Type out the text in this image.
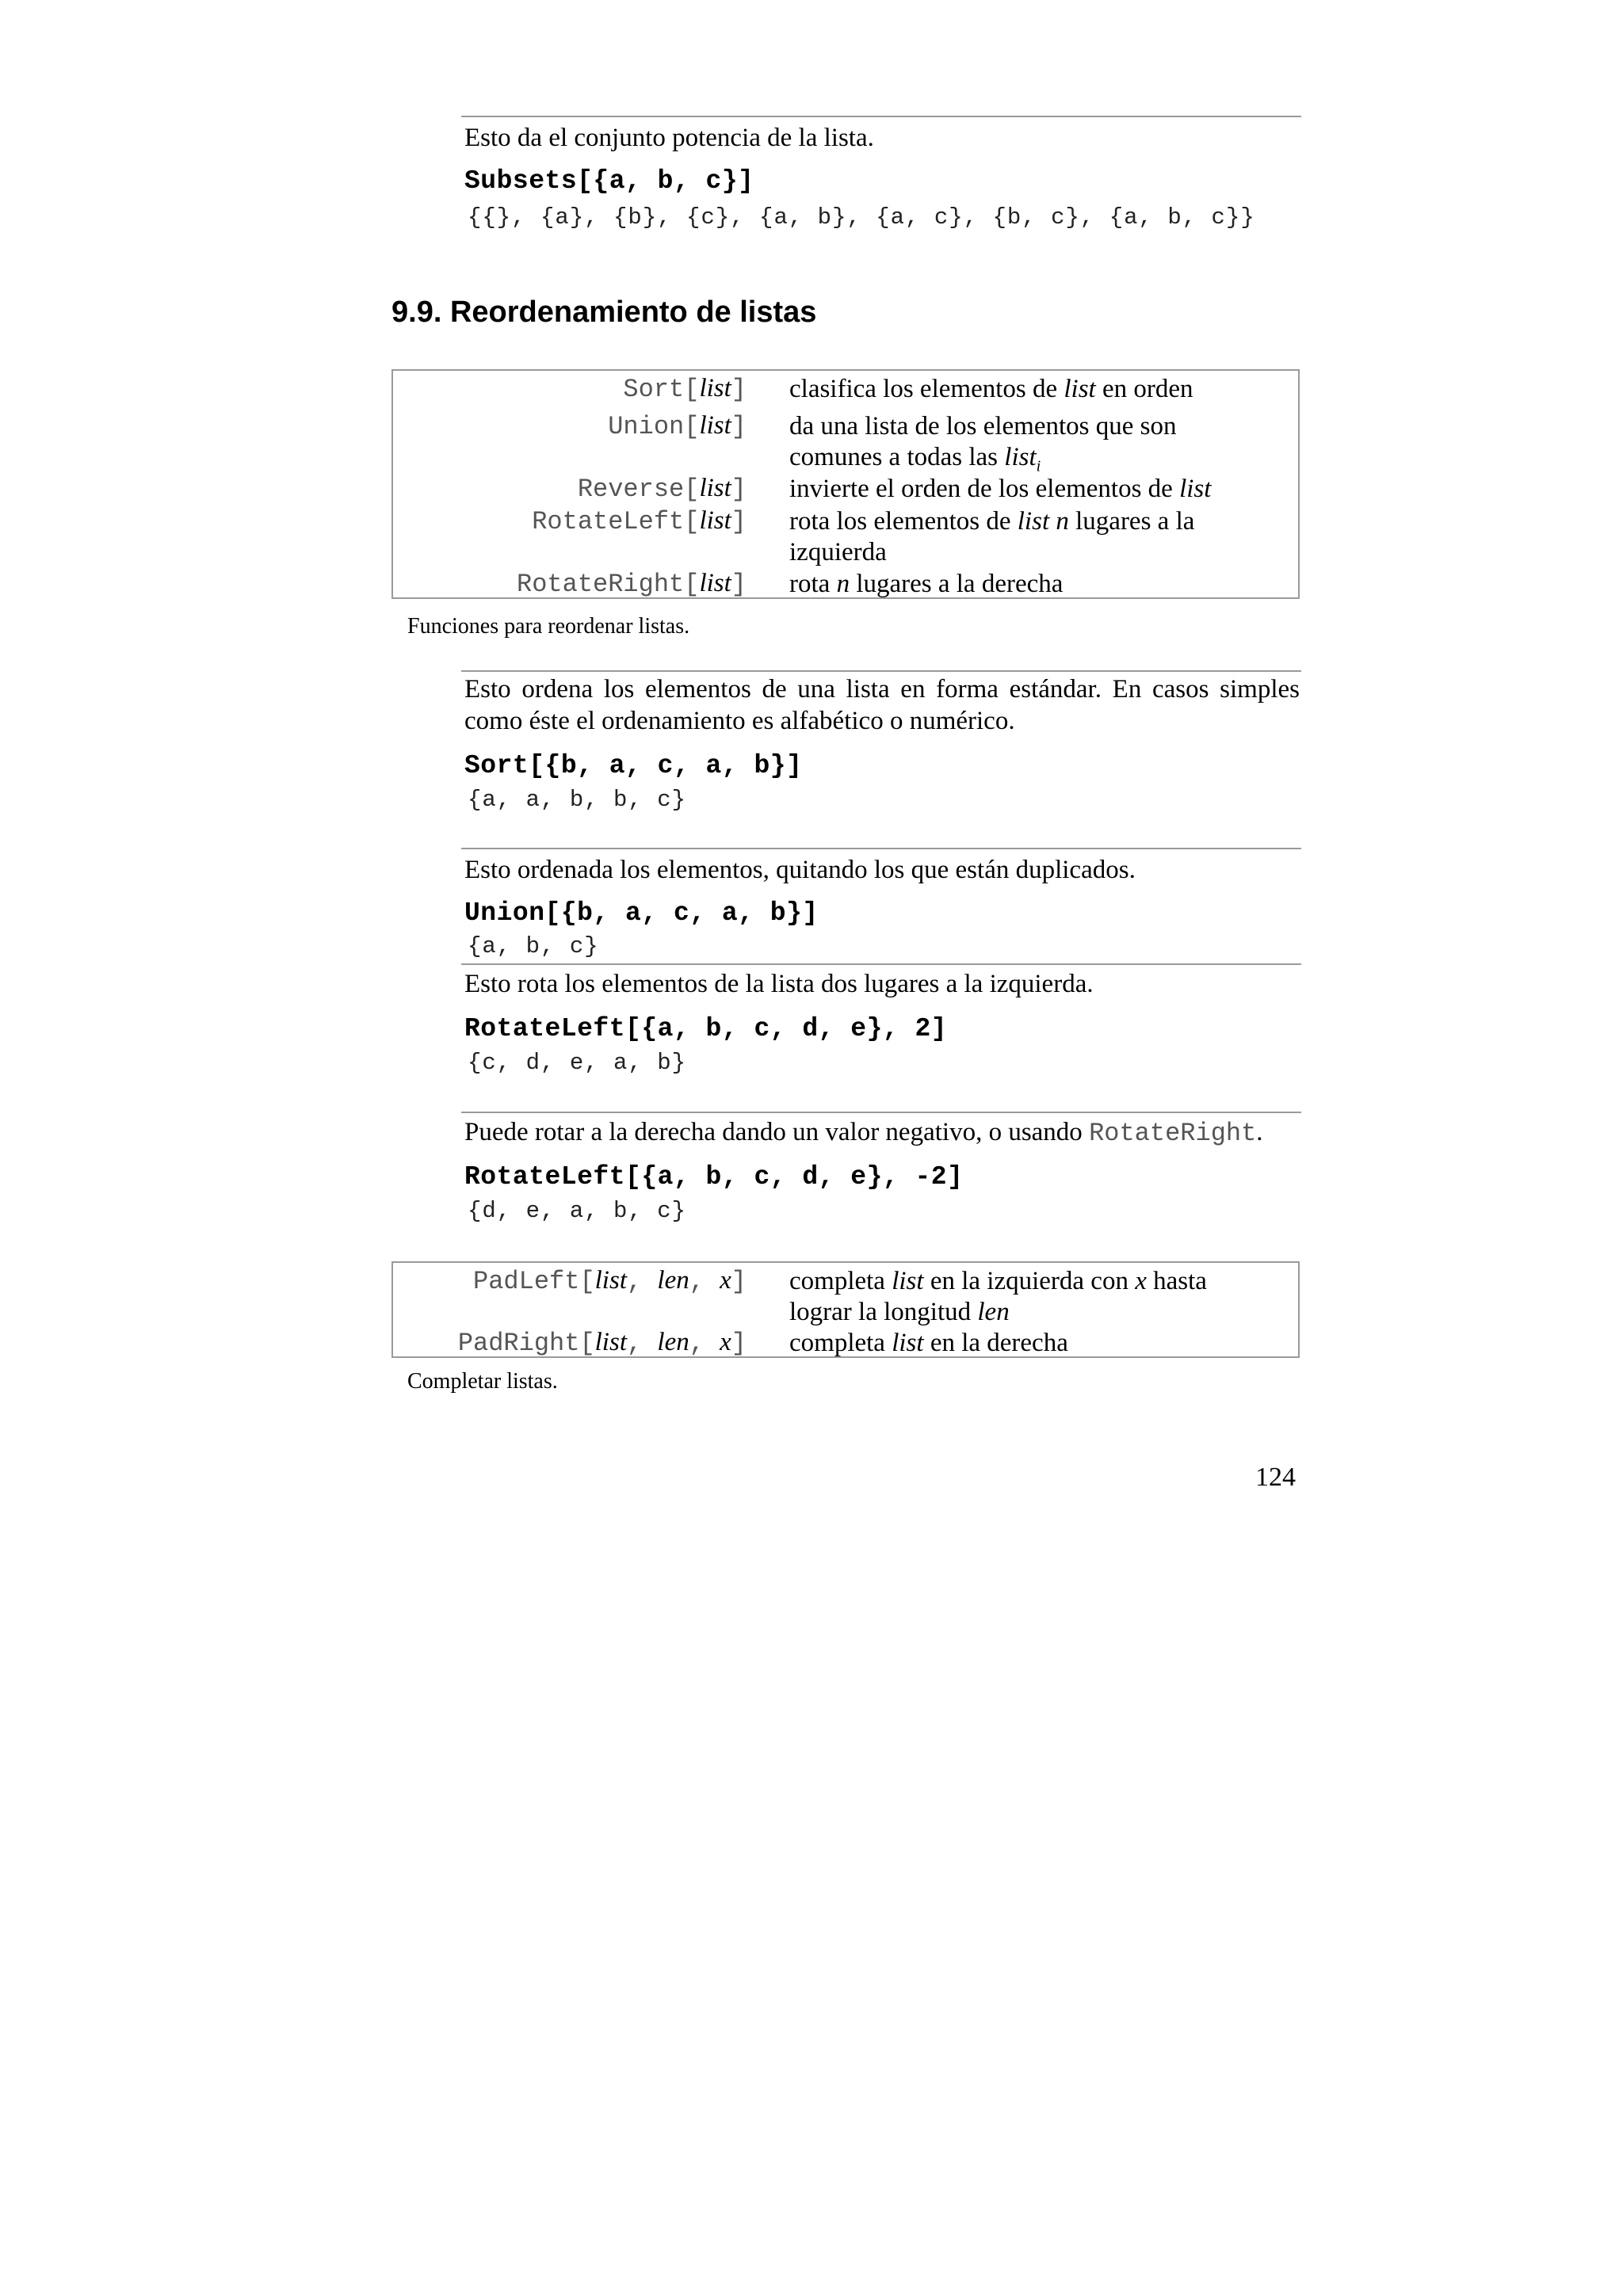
Esto da el conjunto potencia de la lista.
Subsets[{a, b, c}]
{{}, {a}, {b}, {c}, {a, b}, {a, c}, {b, c}, {a, b, c}}
9.9. Reordenamiento de listas
Sort[list] clasifica los elementos de list en orden
Union[list] da una lista de los elementos que son
comunes a todas las list$_i$
Reverse[list] invierte el orden de los elementos de list
RotateLeft[list] rota los elementos de list n lugares a la
izquierda
RotateRight[list] rota n lugares a la derecha
Funciones para reordenar listas.
Esto ordena los elementos de una lista en forma estándar. En casos simples como éste el ordenamiento es alfabético o numérico.
Sort[{b, a, c, a, b}]
{a, a, b, b, c}
Esto ordenada los elementos, quitando los que están duplicados.
Union[{b, a, c, a, b}]
{a, b, c}
Esto rota los elementos de la lista dos lugares a la izquierda.
RotateLeft[{a, b, c, d, e}, 2]
{c, d, e, a, b}
Puede rotar a la derecha dando un valor negativo, o usando RotateRight.
RotateLeft[{a, b, c, d, e}, -2]
{d, e, a, b, c}
PadLeft[list, len, x] completa list en la izquierda con x hasta
lograr la longitud len
PadRight[list, len, x] completa list en la derecha
Completar listas.
124
